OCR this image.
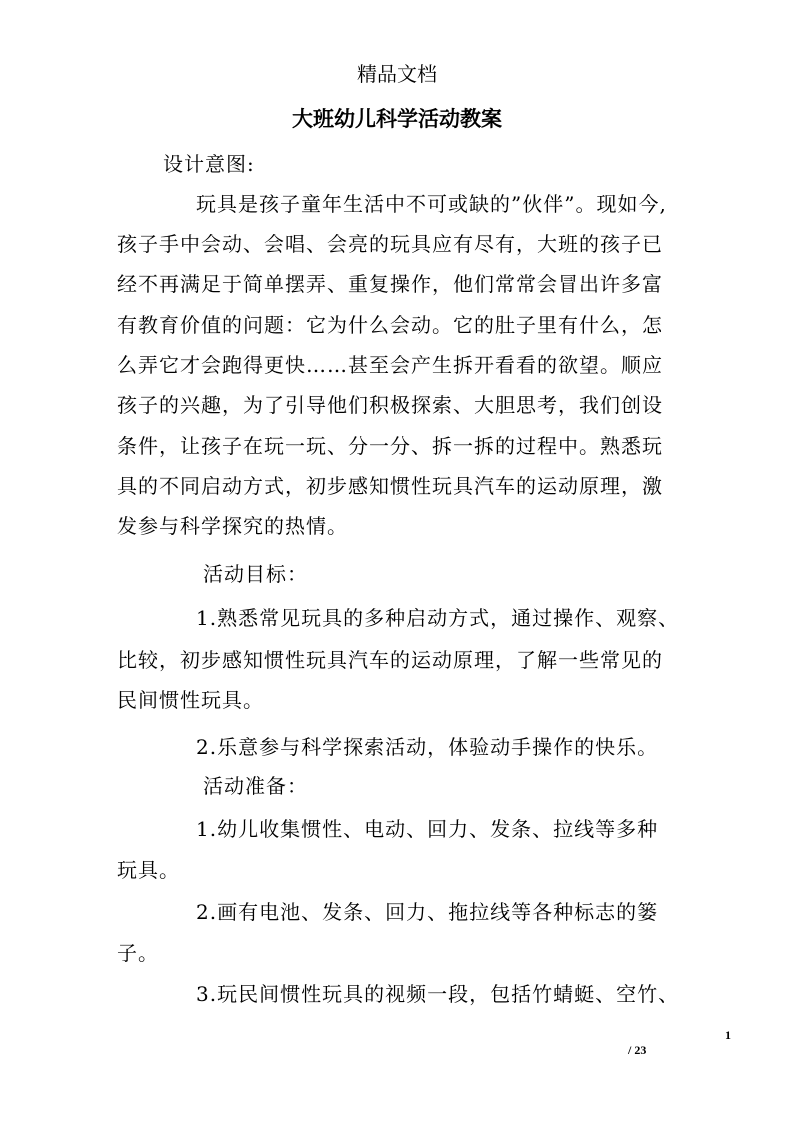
精品文档
大班幼儿科学活动教案
设计意图:
玩具是孩子童年生活中不可或缺的”伙伴”。现如今,
孩子手中会动、会唱、会亮的玩具应有尽有，大班的孩子已
经不再满足于简单摆弄、重复操作，他们常常会冒出许多富
有教育价值的问题：它为什么会动。它的肚子里有什么，怎
么弄它才会跑得更快……甚至会产生拆开看看的欲望。顺应
孩子的兴趣，为了引导他们积极探索、大胆思考，我们创设
条件，让孩子在玩一玩、分一分、拆一拆的过程中。熟悉玩
具的不同启动方式，初步感知惯性玩具汽车的运动原理，激
发参与科学探究的热情。
活动目标：
1.熟悉常见玩具的多种启动方式，通过操作、观察、
比较，初步感知惯性玩具汽车的运动原理，了解一些常见的
民间惯性玩具。
2.乐意参与科学探索活动，体验动手操作的快乐。
活动准备：
1.幼儿收集惯性、电动、回力、发条、拉线等多种
玩具。
2.画有电池、发条、回力、拖拉线等各种标志的篓
子。
3.玩民间惯性玩具的视频一段，包括竹蜻蜓、空竹、
1
/ 23
